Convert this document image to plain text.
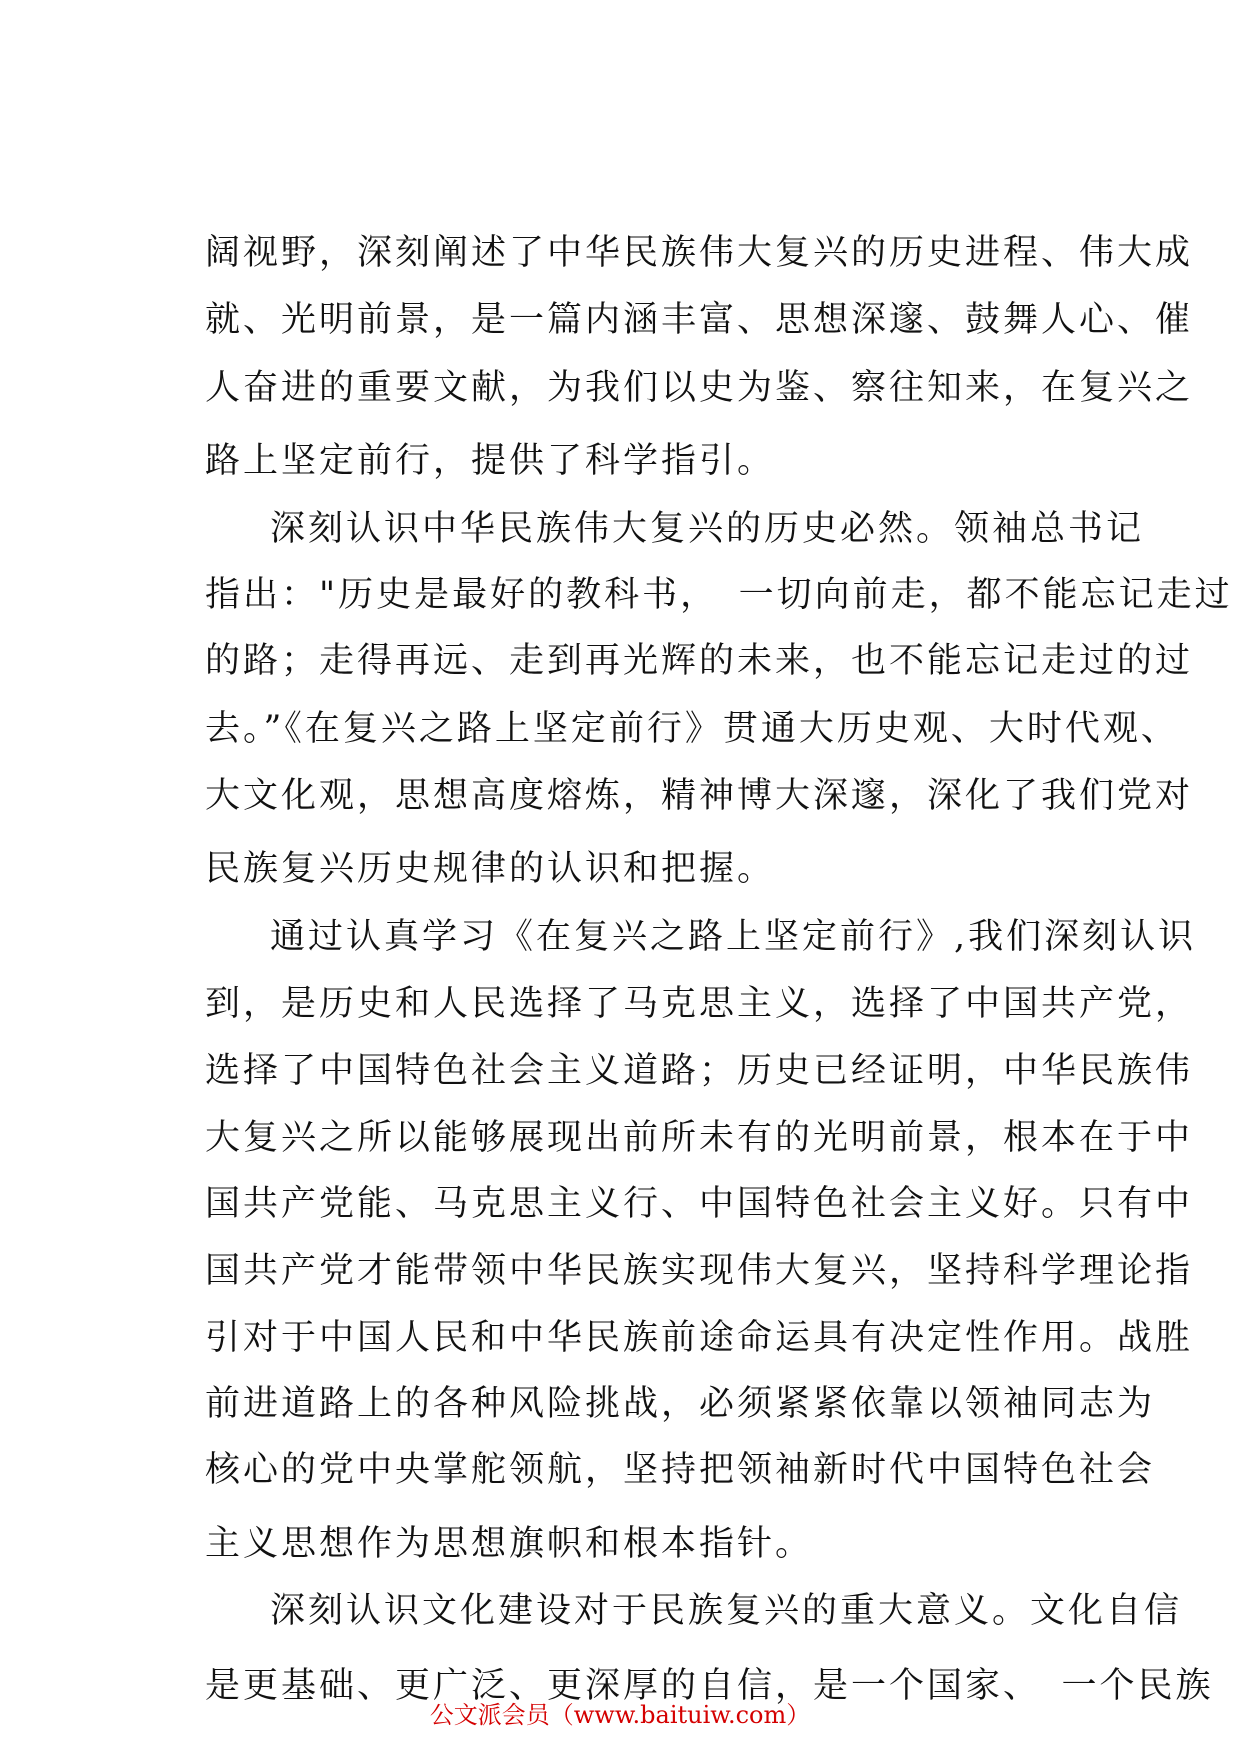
阔视野，深刻阐述了中华民族伟大复兴的历史进程、伟大成
就、光明前景，是一篇内涵丰富、思想深邃、鼓舞人心、催
人奋进的重要文献，为我们以史为鉴、察往知来，在复兴之
路上坚定前行，提供了科学指引。
深刻认识中华民族伟大复兴的历史必然。领袖总书记
指出："历史是最好的教科书，　一切向前走，都不能忘记走过
的路；走得再远、走到再光辉的未来，也不能忘记走过的过
去。”《在复兴之路上坚定前行》贯通大历史观、大时代观、
大文化观，思想高度熔炼，精神博大深邃，深化了我们党对
民族复兴历史规律的认识和把握。
通过认真学习《在复兴之路上坚定前行》,我们深刻认识
到，是历史和人民选择了马克思主义，选择了中国共产党，
选择了中国特色社会主义道路；历史已经证明，中华民族伟
大复兴之所以能够展现出前所未有的光明前景，根本在于中
国共产党能、马克思主义行、中国特色社会主义好。只有中
国共产党才能带领中华民族实现伟大复兴，坚持科学理论指
引对于中国人民和中华民族前途命运具有决定性作用。战胜
前进道路上的各种风险挑战，必须紧紧依靠以领袖同志为
核心的党中央掌舵领航，坚持把领袖新时代中国特色社会
主义思想作为思想旗帜和根本指针。
深刻认识文化建设对于民族复兴的重大意义。文化自信
是更基础、更广泛、更深厚的自信，是一个国家、　一个民族
公文派会员（www.baituiw.com）
